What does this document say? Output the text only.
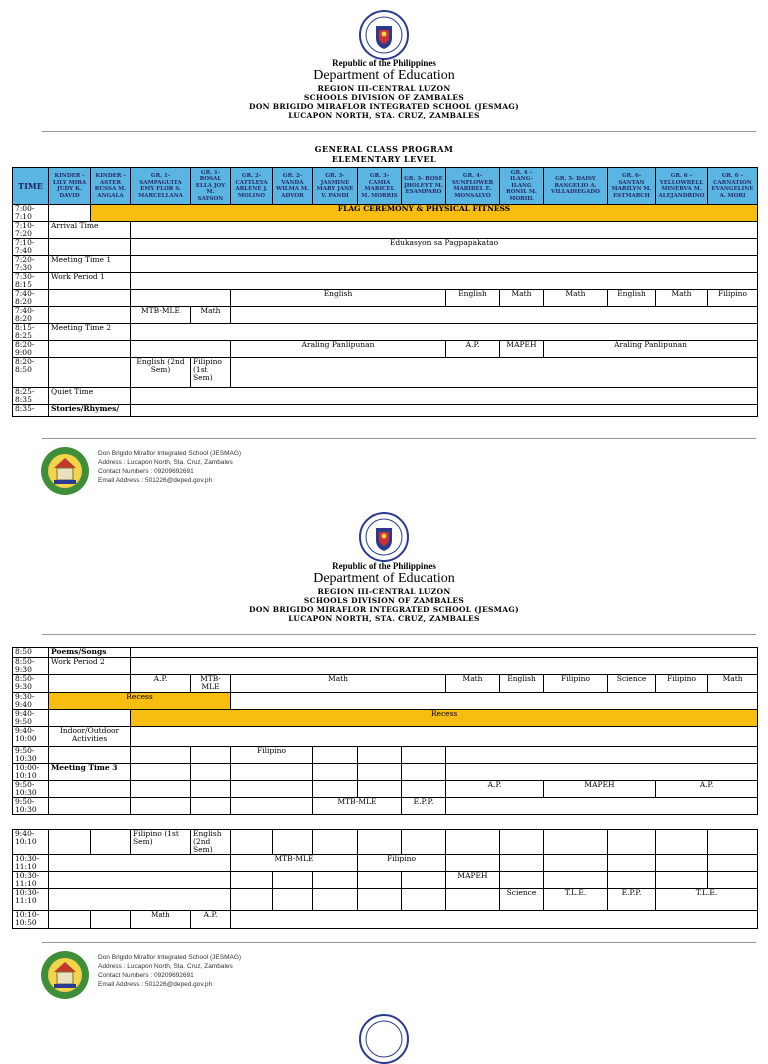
Republic of the Philippines
Department of Education
REGION III-CENTRAL LUZON
SCHOOLS DIVISION OF ZAMBALES
DON BRIGIDO MIRAFLOR INTEGRATED SCHOOL (JESMAG)
LUCAPON NORTH, STA. CRUZ, ZAMBALES
GENERAL CLASS PROGRAM
ELEMENTARY LEVEL
TIME	KINDER - LILY MIRA JUDY K. DAVID	KINDER - ASTER RUSSA M. ANGALA	GR. 1- SAMPAGUITA EMY FLOR S. MARCELLANA	GR. 1- ROSAL ELLA JOY M. SAYSON	GR. 2- CATTLEYA ARLENE J. MOLINO	GR. 2- VANDA WILMA M. ADVOR	GR. 3- JASMINE MARY JANE V. PANDI	GR. 3- CAMIA MARICEL M. MORRIS	GR. 3- ROSE JHOLEYT M. ESAMPARO	GR. 4- SUNFLOWER MARIBEL E. MONSALVO	GR. 4 – ILANG-ILANG RONIL M. MORIIL	GR. 5- DAISY RANGELIO A. VILLADIEGADO	GR. 6- SANTAN MARILYN M. ESTMARCH	GR. 6 – YELLOWBELL MINERVA M. ALEJANDRINO	GR. 6 – CARNATION EVANGELINE A. MORI
7:00-7:10		FLAG CEREMONY & PHYSICAL FITNESS													
7:10-7:20	Arrival Time														
7:10-7:40			Edukasyon sa Pagpapakatao												
7:20-7:30	Meeting Time 1														
7:30-8:15	Work Period 1														
7:40-8:20					English					English	Math	Math	English	Math	Filipino
7:40-8:20			MTB-MLE	Math											
8:15-8:25	Meeting Time 2														
8:20-9:00					Araling Panlipunan					A.P.	MAPEH	Araling Panlipunan			
8:20-8:50			English (2nd Sem)	Filipino (1st Sem)											
8:25-8:35	Quiet Time														
8:35-	Stories/Rhymes/														
Don Brigido Miraflor Integrated School (JESMAG)
Address : Lucapon North, Sta. Cruz, Zambales
Contact Numbers : 09209692691
Email Address : 501226@deped.gov.ph
Republic of the Philippines
Department of Education
REGION III-CENTRAL LUZON
SCHOOLS DIVISION OF ZAMBALES
DON BRIGIDO MIRAFLOR INTEGRATED SCHOOL (JESMAG)
LUCAPON NORTH, STA. CRUZ, ZAMBALES
8:50	Poems/Songs												
8:50-9:30	Work Period 2												
8:50-9:30		A.P.	MTB-MLE	Math				Math	English	Filipino	Science	Filipino	Math
9:30-9:40	Recess												
9:40-9:50		Recess											
9:40-10:00	Indoor/Outdoor Activities												
9:50-10:30				Filipino									
10:00-10:10	Meeting Time 3												
9:50-10:30								A.P.		MAPEH		A.P.	
9:50-10:30					MTB-MLE		E.P.P.						
9:40-10:10			Filipino (1st Sem)	English (2nd Sem)											
10:30-11:10					MTB-MLE			Filipino							
10:30-11:10										MAPEH					
10:30-11:10											Science	T.L.E.	E.P.P.	T.L.E.	
10:10-10:50			Math	A.P.											
Don Brigido Miraflor Integrated School (JESMAG)
Address : Lucapon North, Sta. Cruz, Zambales
Contact Numbers : 09209692691
Email Address : 501226@deped.gov.ph
